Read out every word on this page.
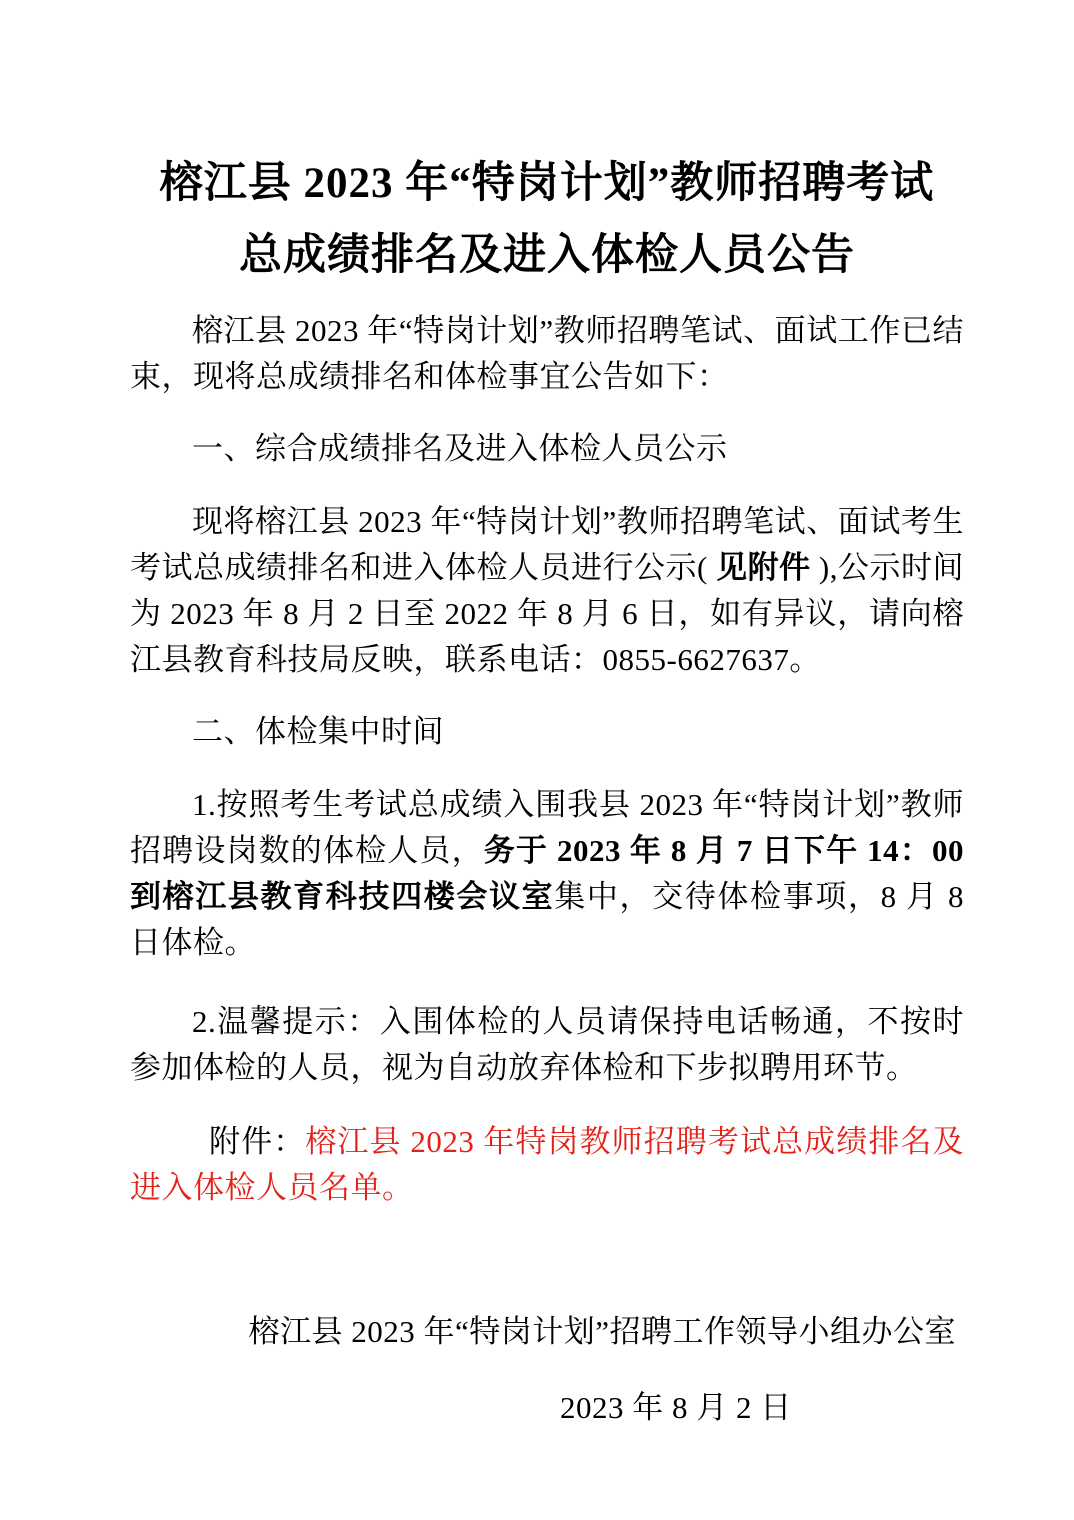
榕江县 2023 年“特岗计划”教师招聘考试
总成绩排名及进入体检人员公告

榕江县 2023 年“特岗计划”教师招聘笔试、面试工作已结束，现将总成绩排名和体检事宜公告如下：

一、综合成绩排名及进入体检人员公示

现将榕江县 2023 年“特岗计划”教师招聘笔试、面试考生考试总成绩排名和进入体检人员进行公示( 见附件 ),公示时间为 2023 年 8 月 2 日至 2022 年 8 月 6 日，如有异议，请向榕江县教育科技局反映，联系电话：0855-6627637。

二、体检集中时间

1.按照考生考试总成绩入围我县 2023 年“特岗计划”教师招聘设岗数的体检人员，务于 2023 年 8 月 7 日下午 14：00 到榕江县教育科技四楼会议室集中，交待体检事项，8 月 8 日体检。

2.温馨提示：入围体检的人员请保持电话畅通，不按时参加体检的人员，视为自动放弃体检和下步拟聘用环节。

附件：榕江县 2023 年特岗教师招聘考试总成绩排名及进入体检人员名单。

榕江县 2023 年“特岗计划”招聘工作领导小组办公室

2023 年 8 月 2 日
